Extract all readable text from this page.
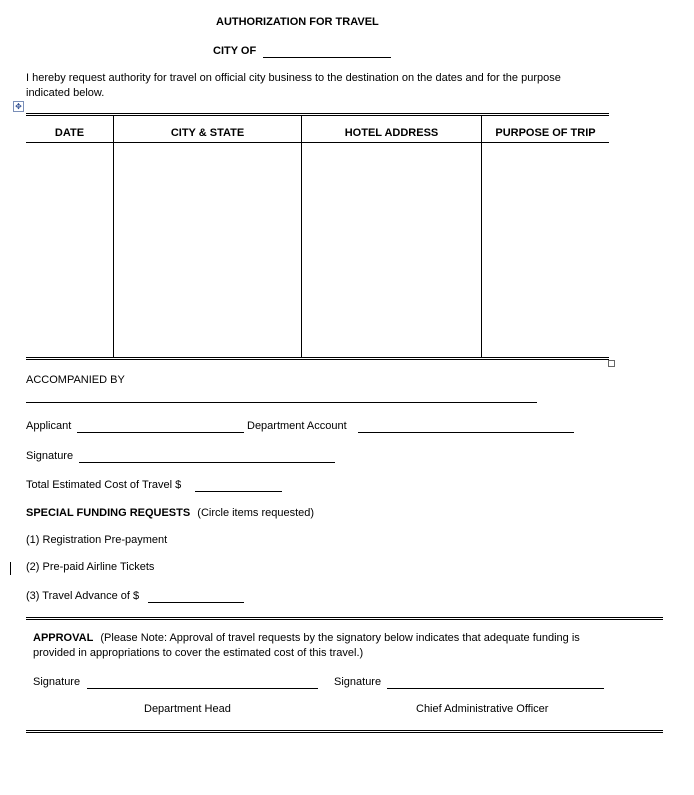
AUTHORIZATION FOR TRAVEL
CITY OF
I hereby request authority for travel on official city business to the destination on the dates and for the purpose
indicated below.
✥
DATE	CITY & STATE	HOTEL ADDRESS	PURPOSE OF TRIP
ACCOMPANIED BY
Applicant	Department Account
Signature
Total Estimated Cost of Travel $
SPECIAL FUNDING REQUESTS (Circle items requested)
(1) Registration Pre-payment
(2) Pre-paid Airline Tickets
(3) Travel Advance of $
APPROVAL (Please Note: Approval of travel requests by the signatory below indicates that adequate funding is
provided in appropriations to cover the estimated cost of this travel.)
Signature	Signature
Department Head	Chief Administrative Officer
